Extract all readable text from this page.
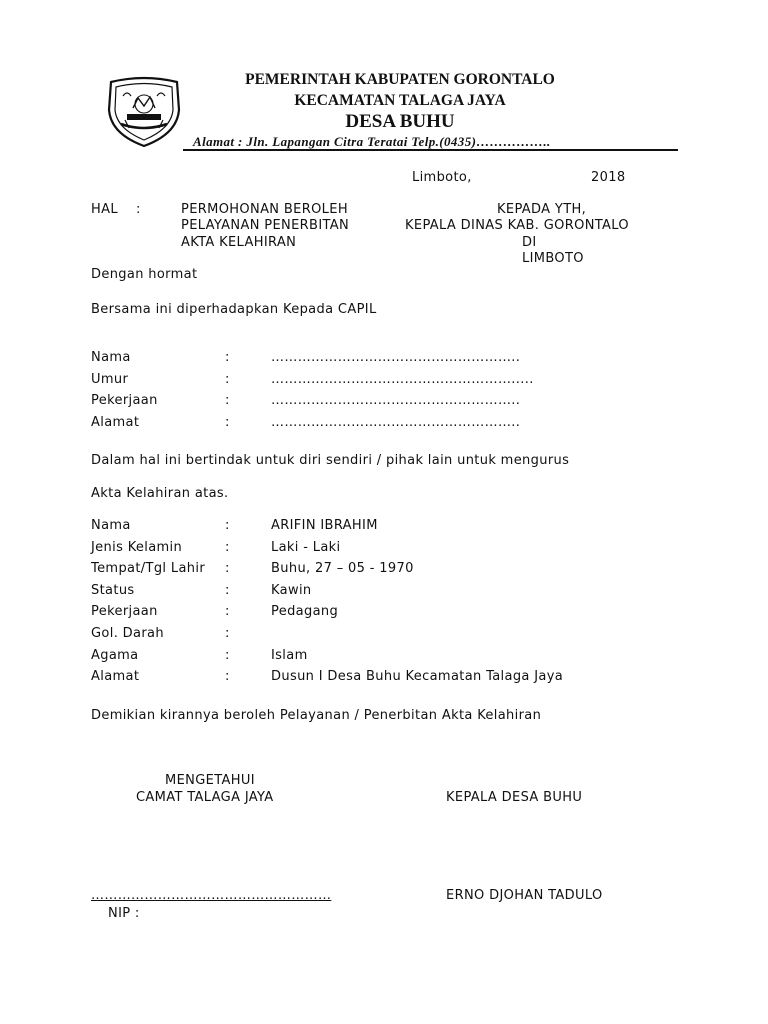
PEMERINTAH KABUPATEN GORONTALO
KECAMATAN TALAGA JAYA
DESA BUHU
Alamat : Jln. Lapangan Citra Teratai Telp.(0435)……………..
Limboto,	2018
HAL :	PERMOHONAN BEROLEH
PELAYANAN PENERBITAN
AKTA KELAHIRAN
KEPADA YTH,
KEPALA DINAS KAB. GORONTALO
DI
LIMBOTO
Dengan hormat
Bersama ini diperhadapkan Kepada CAPIL
Nama	:	………………………………………………..
Umur	:	……………………………………………….....
Pekerjaan	:	………………………………………………..
Alamat	:	………………………………………………..
Dalam hal ini bertindak untuk diri sendiri / pihak lain untuk mengurus
Akta Kelahiran atas.
Nama	:	ARIFIN IBRAHIM
Jenis Kelamin	:	Laki - Laki
Tempat/Tgl Lahir :	Buhu, 27 – 05 - 1970
Status	:	Kawin
Pekerjaan	:	Pedagang
Gol. Darah	:
Agama	:	Islam
Alamat	:	Dusun I Desa Buhu Kecamatan Talaga Jaya
Demikian kirannya beroleh Pelayanan / Penerbitan Akta Kelahiran
MENGETAHUI
CAMAT TALAGA JAYA	KEPALA DESA BUHU
………………………………………………
NIP :
ERNO DJOHAN TADULO
